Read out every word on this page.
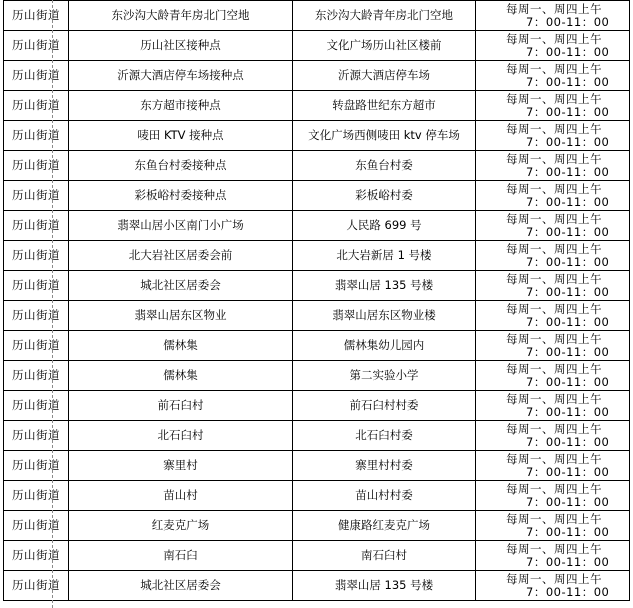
历山街道	东沙沟大龄青年房北门空地	东沙沟大龄青年房北门空地	每周一、周四上午
7：00-11：00

历山街道	历山社区接种点	文化广场历山社区楼前	每周一、周四上午
7：00-11：00

历山街道	沂源大酒店停车场接种点	沂源大酒店停车场	每周一、周四上午
7：00-11：00

历山街道	东方超市接种点	转盘路世纪东方超市	每周一、周四上午
7：00-11：00

历山街道	唛田 KTV 接种点	文化广场西侧唛田 ktv 停车场	每周一、周四上午
7：00-11：00

历山街道	东鱼台村委接种点	东鱼台村委	每周一、周四上午
7：00-11：00

历山街道	彩板峪村委接种点	彩板峪村委	每周一、周四上午
7：00-11：00

历山街道	翡翠山居小区南门小广场	人民路 699 号	每周一、周四上午
7：00-11：00

历山街道	北大岩社区居委会前	北大岩新居 1 号楼	每周一、周四上午
7：00-11：00

历山街道	城北社区居委会	翡翠山居 135 号楼	每周一、周四上午
7：00-11：00

历山街道	翡翠山居东区物业	翡翠山居东区物业楼	每周一、周四上午
7：00-11：00

历山街道	儒林集	儒林集幼儿园内	每周一、周四上午
7：00-11：00

历山街道	儒林集	第二实验小学	每周一、周四上午
7：00-11：00

历山街道	前石臼村	前石臼村村委	每周一、周四上午
7：00-11：00

历山街道	北石臼村	北石臼村委	每周一、周四上午
7：00-11：00

历山街道	寨里村	寨里村村委	每周一、周四上午
7：00-11：00

历山街道	苗山村	苗山村村委	每周一、周四上午
7：00-11：00

历山街道	红麦克广场	健康路红麦克广场	每周一、周四上午
7：00-11：00

历山街道	南石臼	南石臼村	每周一、周四上午
7：00-11：00

历山街道	城北社区居委会	翡翠山居 135 号楼	每周一、周四上午
7：00-11：00
